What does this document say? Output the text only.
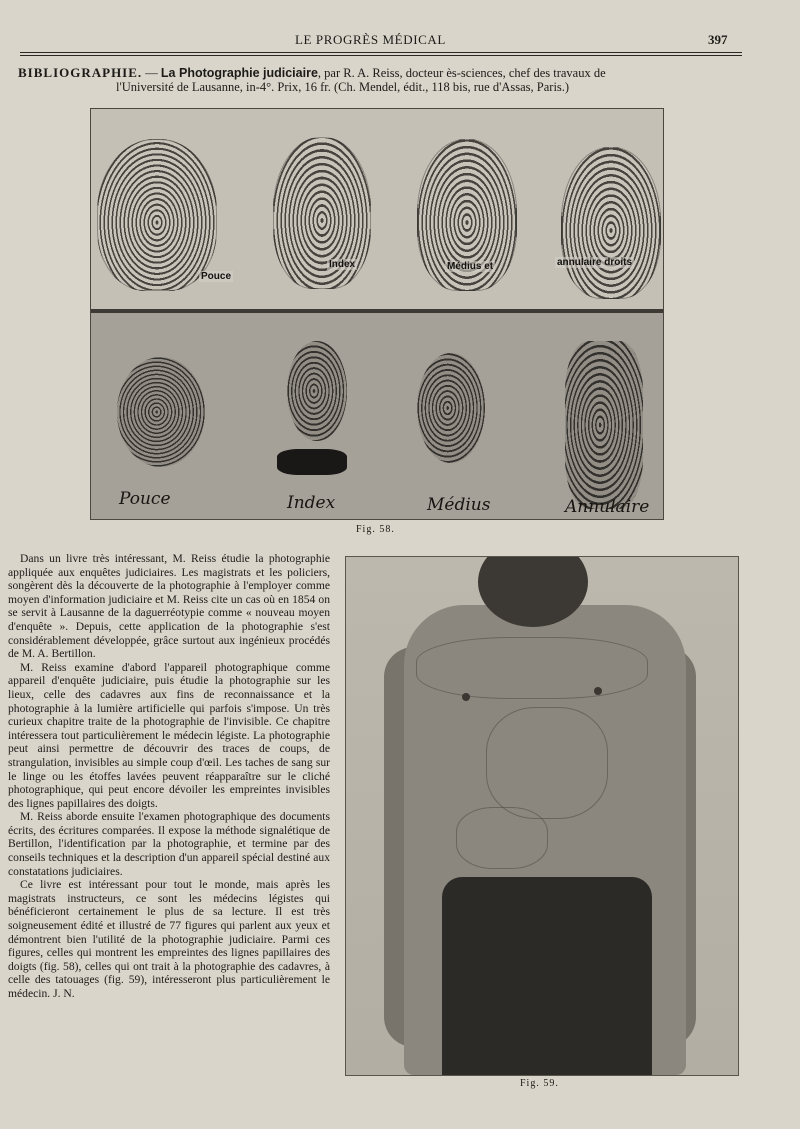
LE PROGRÈS MÉDICAL	397
BIBLIOGRAPHIE. — La Photographie judiciaire, par R. A. Reiss, docteur ès-sciences, chef des travaux de
l'Université de Lausanne, in-4°. Prix, 16 fr. (Ch. Mendel, édit., 118 bis, rue d'Assas, Paris.)
Pouce
Index	Médius et	annulaire droits
Pouce	Index	Médius	Annulaire
Fig. 58.

Dans un livre très intéressant, M. Reiss étudie la photographie appliquée aux enquêtes judiciaires. Les magistrats et les policiers, songèrent dès la découverte de la photographie à l'employer comme moyen d'information judiciaire et M. Reiss cite un cas où en 1854 on se servit à Lausanne de la daguerréotypie comme « nouveau moyen d'enquête ». Depuis, cette application de la photographie s'est considérablement développée, grâce surtout aux ingénieux procédés de M. A. Bertillon.

M. Reiss examine d'abord l'appareil photographique comme appareil d'enquête judiciaire, puis étudie la photographie sur les lieux, celle des cadavres aux fins de reconnaissance et la photographie à la lumière artificielle qui parfois s'impose. Un très curieux chapitre traite de la photographie de l'invisible. Ce chapitre intéressera tout particulièrement le médecin légiste. La photographie peut ainsi permettre de découvrir des traces de coups, de strangulation, invisibles au simple coup d'œil. Les taches de sang sur le linge ou les étoffes lavées peuvent réapparaître sur le cliché photographique, qui peut encore dévoiler les empreintes invisibles des lignes papillaires des doigts.

M. Reiss aborde ensuite l'examen photographique des documents écrits, des écritures comparées. Il expose la méthode signalétique de Bertillon, l'identification par la photographie, et termine par des conseils techniques et la description d'un appareil spécial destiné aux constatations judiciaires.

Ce livre est intéressant pour tout le monde, mais après les magistrats instructeurs, ce sont les médecins légistes qui bénéficieront certainement le plus de sa lecture. Il est très soigneusement édité et illustré de 77 figures qui parlent aux yeux et démontrent bien l'utilité de la photographie judiciaire. Parmi ces figures, celles qui montrent les empreintes des lignes papillaires des doigts (fig. 58), celles qui ont trait à la photographie des cadavres, à celle des tatouages (fig. 59), intéresseront plus particulièrement le médecin. J. N.

Fig. 59.
